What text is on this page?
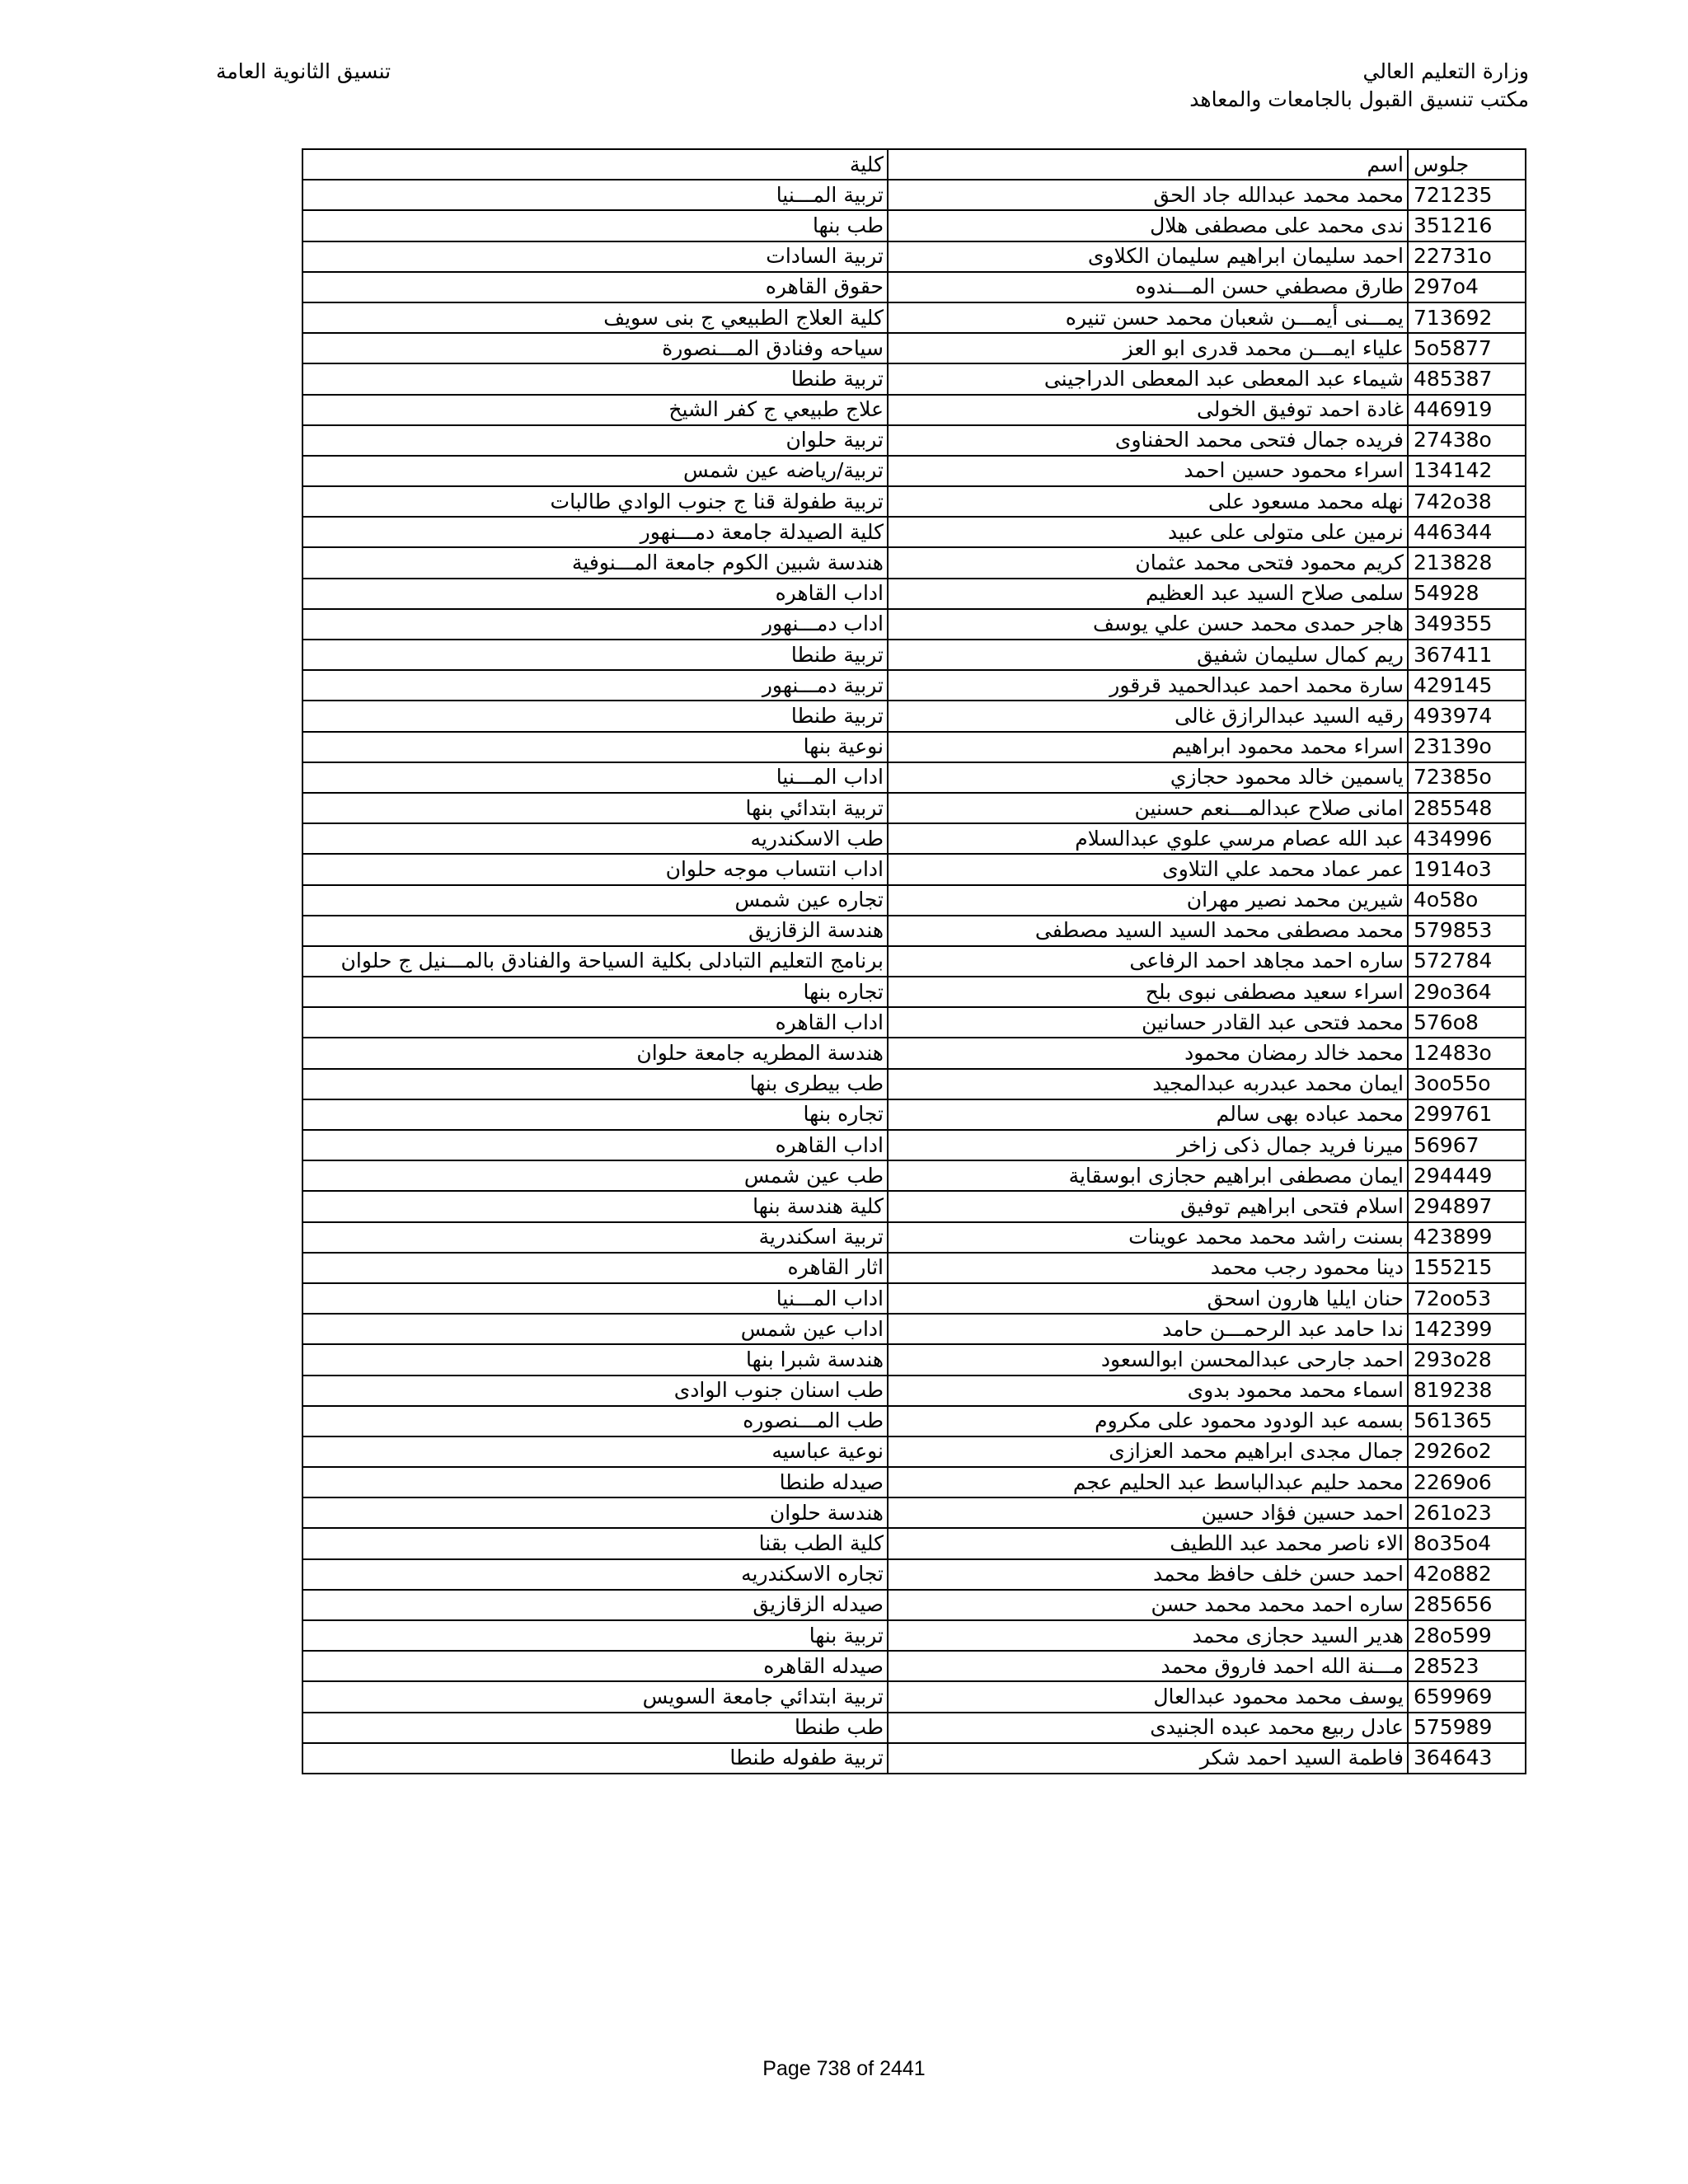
وزارة التعليم العالي
مكتب تنسيق القبول بالجامعات والمعاهد
تنسيق الثانوية العامة
جلوس	اسم	كلية
721235	محمد محمد عبدالله جاد الحق	تربية المـــنيا
351216	ندى محمد على مصطفى هلال	طب بنها
22731o	احمد سليمان ابراهيم سليمان الكلاوى	تربية السادات
297o4	طارق مصطفي حسن المـــندوه	حقوق القاهره
713692	يمـــنى أيمـــن شعبان محمد حسن تنيره	كلية العلاج الطبيعي ج بنى سويف
5o5877	علياء ايمـــن محمد قدرى ابو العز	سياحه وفنادق المـــنصورة
485387	شيماء عبد المعطى عبد المعطى الدراجينى	تربية طنطا
446919	غادة احمد توفيق الخولى	علاج طبيعي ج كفر الشيخ
27438o	فريده جمال فتحى محمد الحفناوى	تربية حلوان
134142	اسراء محمود حسين احمد	تربية/رياضه عين شمس
742o38	نهله محمد مسعود على	تربية طفولة قنا ج جنوب الوادي طالبات
446344	نرمين على متولى على عبيد	كلية الصيدلة جامعة دمـــنهور
213828	كريم محمود فتحى محمد عثمان	هندسة شبين الكوم جامعة المـــنوفية
54928	سلمى صلاح السيد عبد العظيم	اداب القاهره
349355	هاجر حمدى محمد حسن علي يوسف	اداب دمـــنهور
367411	ريم كمال سليمان شفيق	تربية طنطا
429145	سارة محمد احمد عبدالحميد قرقور	تربية دمـــنهور
493974	رقيه السيد عبدالرازق غالى	تربية طنطا
23139o	اسراء محمد محمود ابراهيم	نوعية بنها
72385o	ياسمين خالد محمود حجازي	اداب المـــنيا
285548	امانى صلاح عبدالمـــنعم حسنين	تربية ابتدائي بنها
434996	عبد الله عصام مرسي علوي عبدالسلام	طب الاسكندريه
1914o3	عمر عماد محمد علي التلاوى	اداب انتساب موجه حلوان
4o58o	شيرين محمد نصير مهران	تجاره عين شمس
579853	محمد مصطفى محمد السيد السيد مصطفى	هندسة الزقازيق
572784	ساره احمد مجاهد احمد الرفاعى	برنامج التعليم التبادلى بكلية السياحة والفنادق بالمـــنيل ج حلوان
29o364	اسراء سعيد مصطفى نبوى بلح	تجاره بنها
576o8	محمد فتحى عبد القادر حسانين	اداب القاهره
12483o	محمد خالد رمضان محمود	هندسة المطريه جامعة حلوان
3oo55o	ايمان محمد عبدربه عبدالمجيد	طب بيطرى بنها
299761	محمد عباده بهى سالم	تجاره بنها
56967	ميرنا فريد جمال ذكى زاخر	اداب القاهره
294449	ايمان مصطفى ابراهيم حجازى ابوسقاية	طب عين شمس
294897	اسلام فتحى ابراهيم توفيق	كلية هندسة بنها
423899	بسنت راشد محمد محمد عوينات	تربية اسكندرية
155215	دينا محمود رجب محمد	اثار القاهره
72oo53	حنان ايليا هارون اسحق	اداب المـــنيا
142399	ندا حامد عبد الرحمـــن حامد	اداب عين شمس
293o28	احمد جارحى عبدالمحسن ابوالسعود	هندسة شبرا بنها
819238	اسماء محمد محمود بدوى	طب اسنان جنوب الوادى
561365	بسمه عبد الودود محمود على مكروم	طب المـــنصوره
2926o2	جمال مجدى ابراهيم محمد العزازى	نوعية عباسيه
2269o6	محمد حليم عبدالباسط عبد الحليم عجم	صيدله طنطا
261o23	احمد حسين فؤاد حسين	هندسة حلوان
8o35o4	الاء ناصر محمد عبد اللطيف	كلية الطب بقنا
42o882	احمد حسن خلف حافظ محمد	تجاره الاسكندريه
285656	ساره احمد محمد محمد حسن	صيدله الزقازيق
28o599	هدير السيد حجازى محمد	تربية بنها
28523	مـــنة الله احمد فاروق محمد	صيدله القاهره
659969	يوسف محمد محمود عبدالعال	تربية ابتدائي جامعة السويس
575989	عادل ربيع محمد عبده الجنيدى	طب طنطا
364643	فاطمة السيد احمد شكر	تربية طفوله طنطا
Page 738 of 2441
